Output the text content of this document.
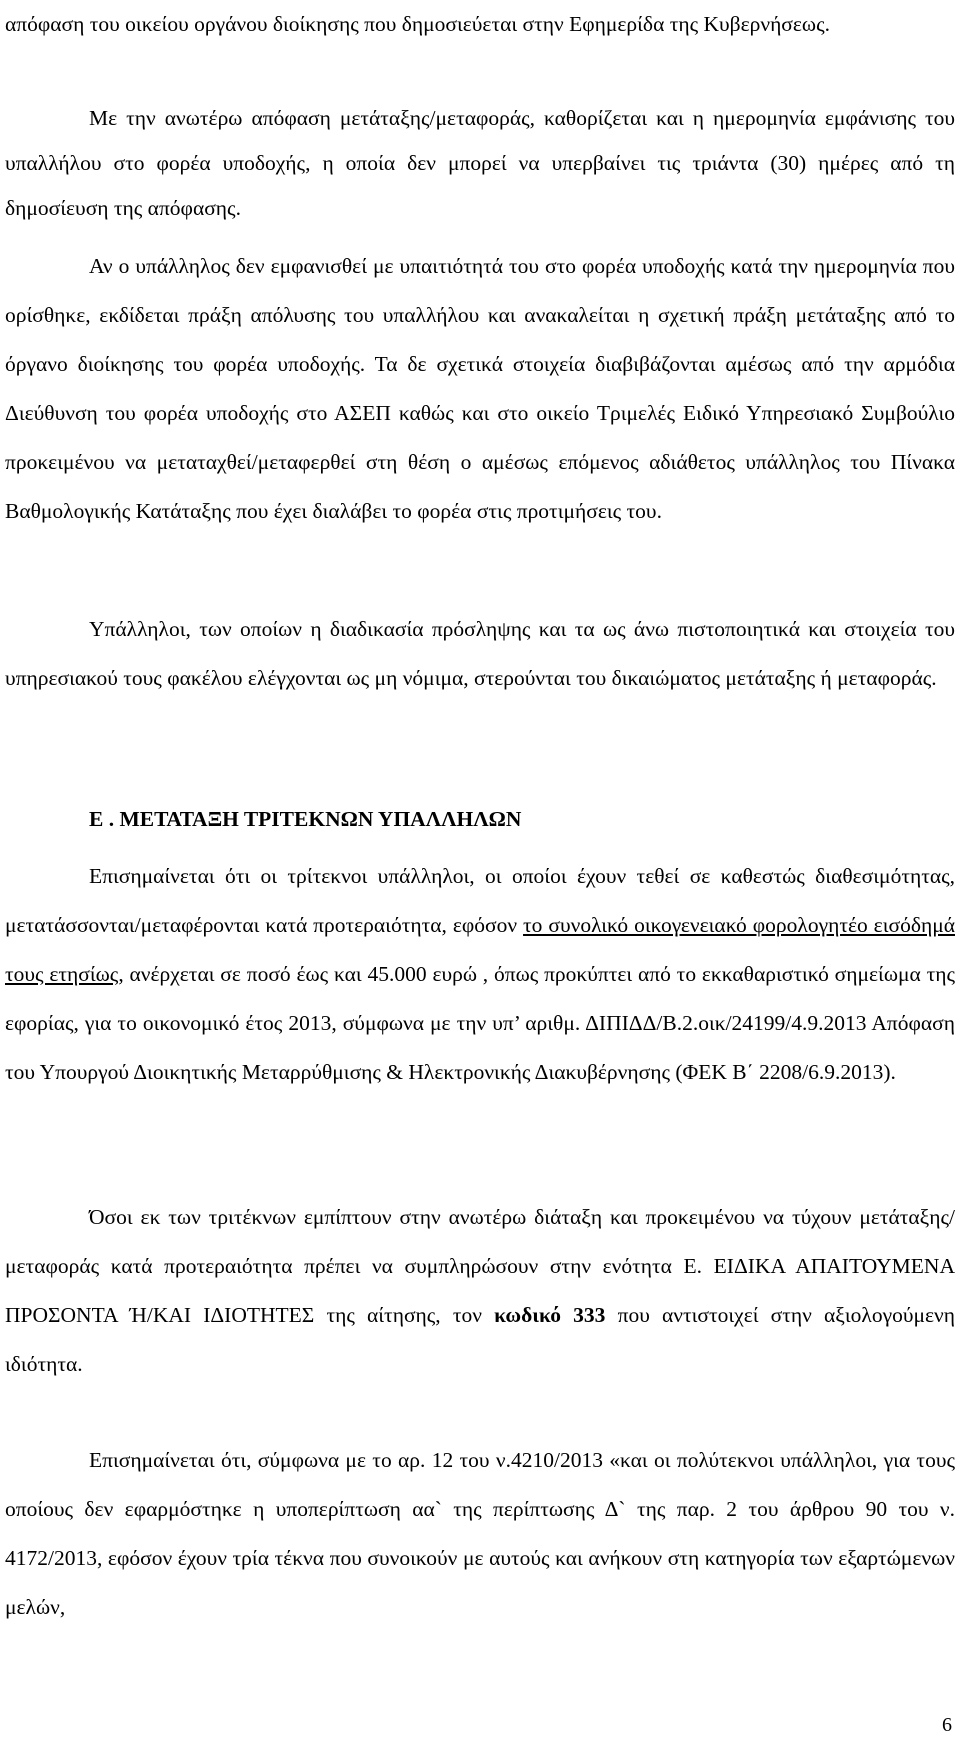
απόφαση του οικείου οργάνου διοίκησης που δημοσιεύεται στην Εφημερίδα της Κυβερνήσεως.

Με την ανωτέρω απόφαση μετάταξης/μεταφοράς, καθορίζεται και η ημερομηνία εμφάνισης του υπαλλήλου στο φορέα υποδοχής, η οποία δεν μπορεί να υπερβαίνει τις τριάντα (30) ημέρες από τη δημοσίευση της απόφασης.

Αν ο υπάλληλος δεν εμφανισθεί με υπαιτιότητά του στο φορέα υποδοχής κατά την ημερομηνία που ορίσθηκε, εκδίδεται πράξη απόλυσης του υπαλλήλου και ανακαλείται η σχετική πράξη μετάταξης από το όργανο διοίκησης του φορέα υποδοχής. Τα δε σχετικά στοιχεία διαβιβάζονται αμέσως από την αρμόδια Διεύθυνση του φορέα υποδοχής στο ΑΣΕΠ καθώς και στο οικείο Τριμελές Ειδικό Υπηρεσιακό Συμβούλιο προκειμένου να μεταταχθεί/μεταφερθεί στη θέση ο αμέσως επόμενος αδιάθετος υπάλληλος του Πίνακα Βαθμολογικής Κατάταξης που έχει διαλάβει το φορέα στις προτιμήσεις του.

Υπάλληλοι, των οποίων η διαδικασία πρόσληψης και τα ως άνω πιστοποιητικά και στοιχεία του υπηρεσιακού τους φακέλου ελέγχονται ως μη νόμιμα, στερούνται του δικαιώματος μετάταξης ή μεταφοράς.

Ε . ΜΕΤΑΤΑΞΗ ΤΡΙΤΕΚΝΩΝ ΥΠΑΛΛΗΛΩΝ

Επισημαίνεται ότι οι τρίτεκνοι υπάλληλοι, οι οποίοι έχουν τεθεί σε καθεστώς διαθεσιμότητας, μετατάσσονται/μεταφέρονται κατά προτεραιότητα, εφόσον το συνολικό οικογενειακό φορολογητέο εισόδημά τους ετησίως, ανέρχεται σε ποσό έως και 45.000 ευρώ , όπως προκύπτει από το εκκαθαριστικό σημείωμα της εφορίας, για το οικονομικό έτος 2013, σύμφωνα με την υπ’ αριθμ. ΔΙΠΙΔΔ/Β.2.οικ/24199/4.9.2013 Απόφαση του Υπουργού Διοικητικής Μεταρρύθμισης & Ηλεκτρονικής Διακυβέρνησης (ΦΕΚ Β΄ 2208/6.9.2013).

Όσοι εκ των τριτέκνων εμπίπτουν στην ανωτέρω διάταξη και προκειμένου να τύχουν μετάταξης/μεταφοράς κατά προτεραιότητα πρέπει να συμπληρώσουν στην ενότητα Ε. ΕΙΔΙΚΑ ΑΠΑΙΤΟΥΜΕΝΑ ΠΡΟΣΟΝΤΑ Ή/ΚΑΙ ΙΔΙΟΤΗΤΕΣ της αίτησης, τον κωδικό 333 που αντιστοιχεί στην αξιολογούμενη ιδιότητα.

Επισημαίνεται ότι, σύμφωνα με το αρ. 12 του ν.4210/2013 «και οι πολύτεκνοι υπάλληλοι, για τους οποίους δεν εφαρμόστηκε η υποπερίπτωση αα` της περίπτωσης Δ` της παρ. 2 του άρθρου 90 του ν. 4172/2013, εφόσον έχουν τρία τέκνα που συνοικούν με αυτούς και ανήκουν στη κατηγορία των εξαρτώμενων μελών,

6
